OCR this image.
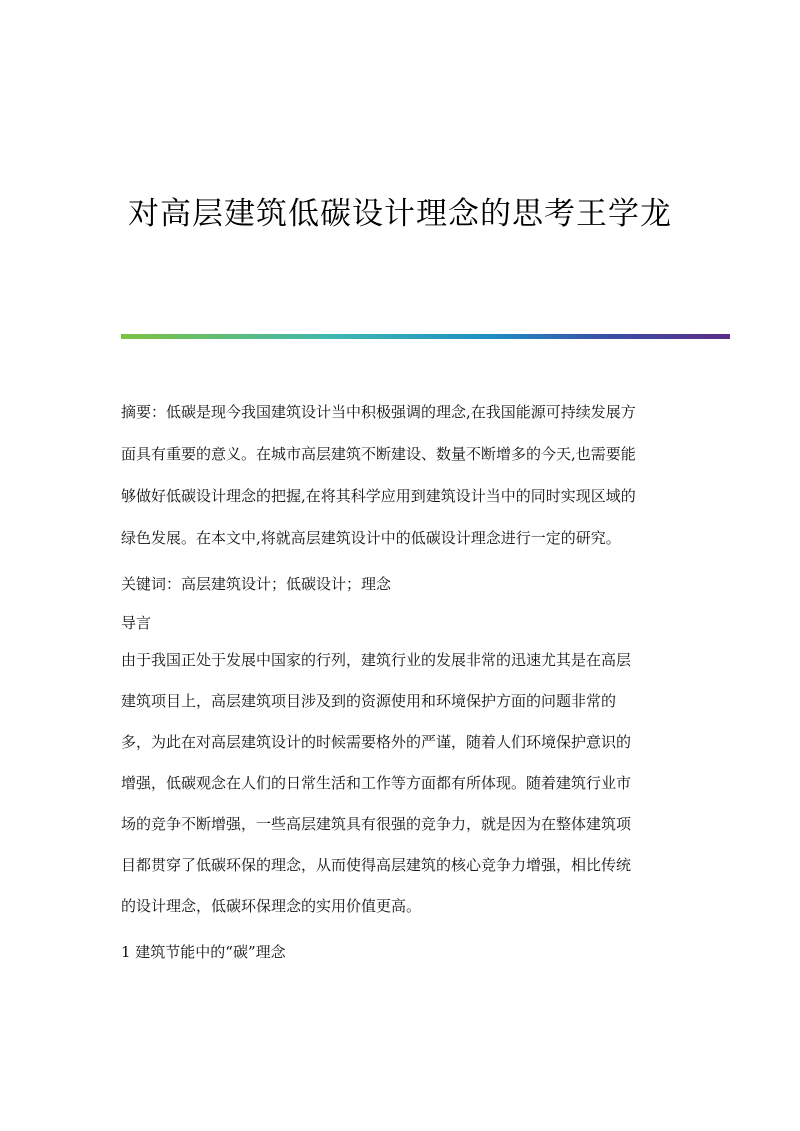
对高层建筑低碳设计理念的思考王学龙

摘要：低碳是现今我国建筑设计当中积极强调的理念,在我国能源可持续发展方
面具有重要的意义。在城市高层建筑不断建设、数量不断增多的今天,也需要能
够做好低碳设计理念的把握,在将其科学应用到建筑设计当中的同时实现区域的
绿色发展。在本文中,将就高层建筑设计中的低碳设计理念进行一定的研究。

关键词：高层建筑设计；低碳设计；理念

导言

由于我国正处于发展中国家的行列，建筑行业的发展非常的迅速尤其是在高层
建筑项目上，高层建筑项目涉及到的资源使用和环境保护方面的问题非常的
多，为此在对高层建筑设计的时候需要格外的严谨，随着人们环境保护意识的
增强，低碳观念在人们的日常生活和工作等方面都有所体现。随着建筑行业市
场的竞争不断增强，一些高层建筑具有很强的竞争力，就是因为在整体建筑项
目都贯穿了低碳环保的理念，从而使得高层建筑的核心竞争力增强，相比传统
的设计理念，低碳环保理念的实用价值更高。

1 建筑节能中的“碳”理念
